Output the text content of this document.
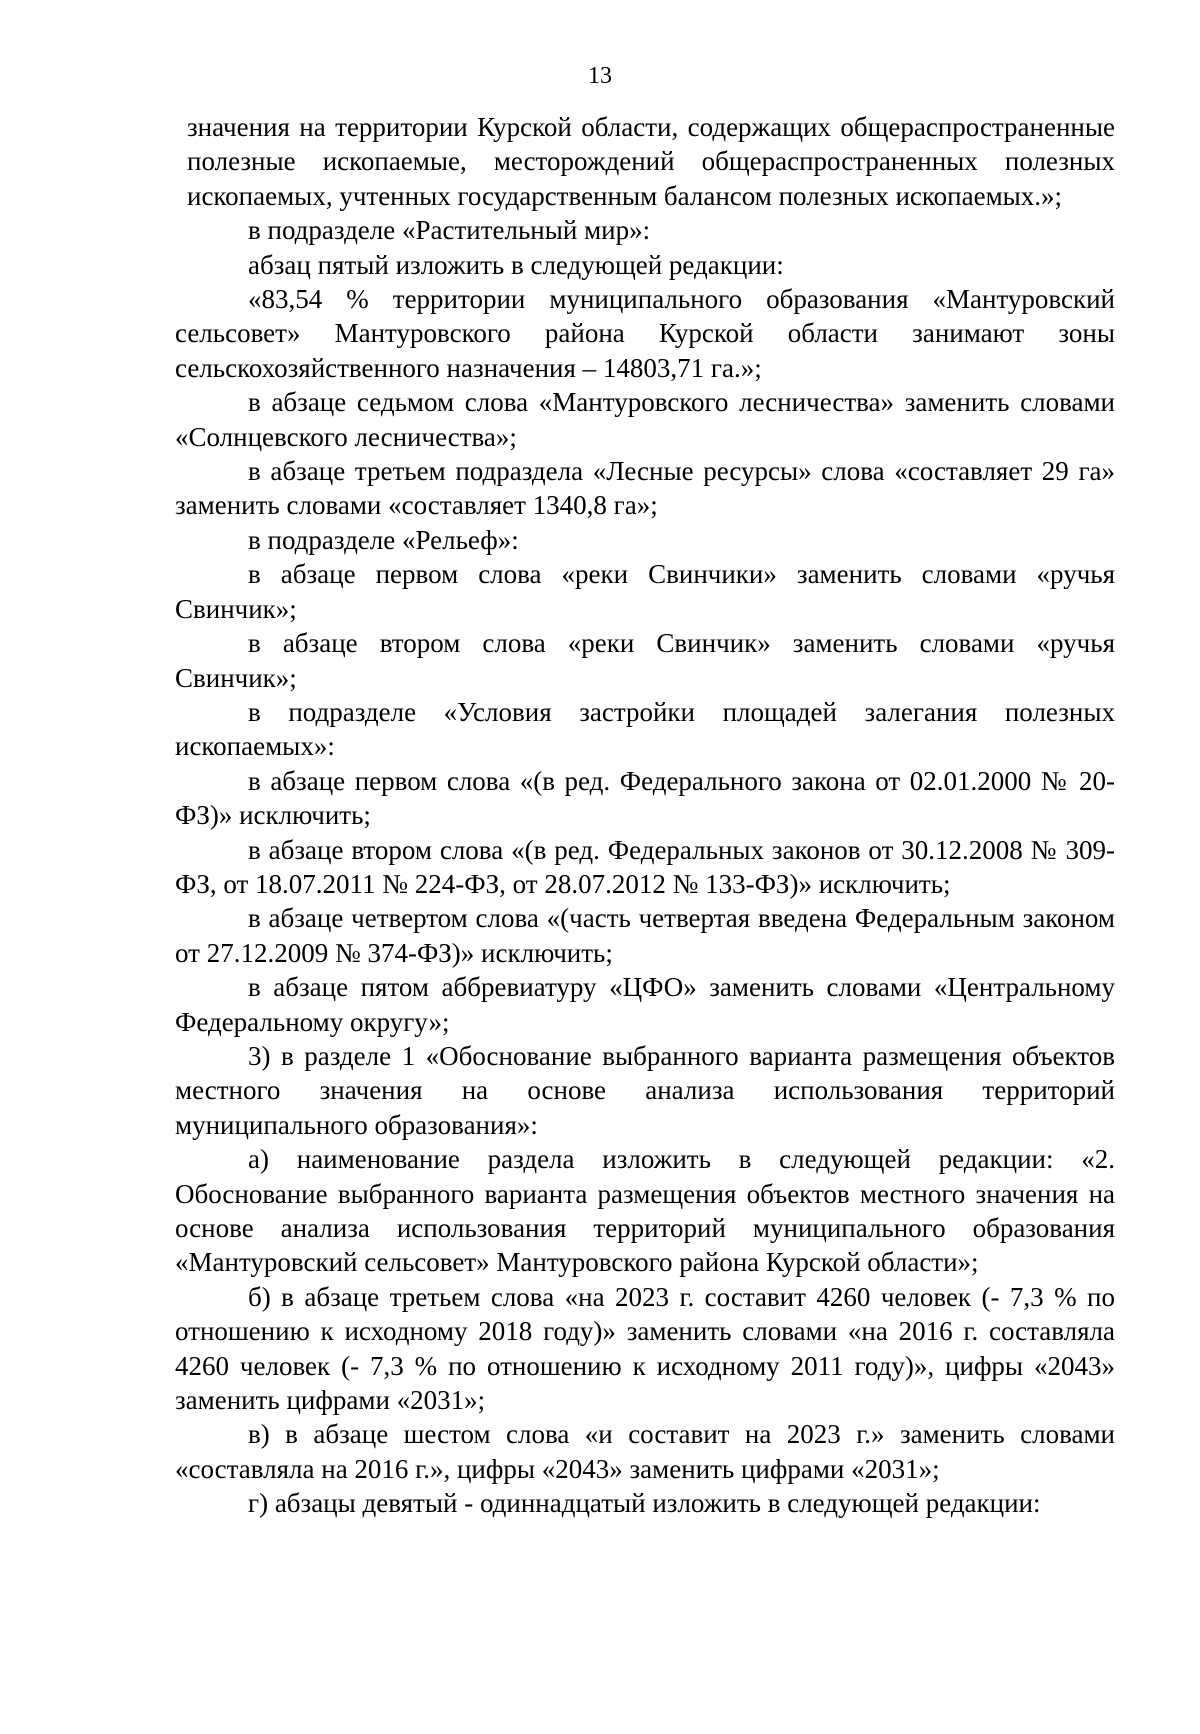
13

значения на территории Курской области, содержащих общераспространенные полезные ископаемые, месторождений общераспространенных полезных ископаемых, учтенных государственным балансом полезных ископаемых.»;

в подразделе «Растительный мир»:

абзац пятый изложить в следующей редакции:

«83,54 % территории муниципального образования «Мантуровский сельсовет» Мантуровского района Курской области занимают зоны сельскохозяйственного назначения – 14803,71 га.»;

в абзаце седьмом слова «Мантуровского лесничества» заменить словами «Солнцевского лесничества»;

в абзаце третьем подраздела «Лесные ресурсы» слова «составляет 29 га» заменить словами «составляет 1340,8 га»;

в подразделе «Рельеф»:

в абзаце первом слова «реки Свинчики» заменить словами «ручья Свинчик»;

в абзаце втором слова «реки Свинчик» заменить словами «ручья Свинчик»;

в подразделе «Условия застройки площадей залегания полезных ископаемых»:

в абзаце первом слова «(в ред. Федерального закона от 02.01.2000 № 20-ФЗ)» исключить;

в абзаце втором слова «(в ред. Федеральных законов от 30.12.2008 № 309-ФЗ, от 18.07.2011 № 224-ФЗ, от 28.07.2012 № 133-ФЗ)» исключить;

в абзаце четвертом слова «(часть четвертая введена Федеральным законом от 27.12.2009 № 374-ФЗ)» исключить;

в абзаце пятом аббревиатуру «ЦФО» заменить словами «Центральному Федеральному округу»;

3) в разделе 1 «Обоснование выбранного варианта размещения объектов местного значения на основе анализа использования территорий муниципального образования»:

а) наименование раздела изложить в следующей редакции: «2. Обоснование выбранного варианта размещения объектов местного значения на основе анализа использования территорий муниципального образования «Мантуровский сельсовет» Мантуровского района Курской области»;

б) в абзаце третьем слова «на 2023 г. составит 4260 человек (- 7,3 % по отношению к исходному 2018 году)» заменить словами «на 2016 г. составляла 4260 человек (- 7,3 % по отношению к исходному 2011 году)», цифры «2043» заменить цифрами «2031»;

в) в абзаце шестом слова «и составит на 2023 г.» заменить словами «составляла на 2016 г.», цифры «2043» заменить цифрами «2031»;

г) абзацы девятый - одиннадцатый изложить в следующей редакции:
